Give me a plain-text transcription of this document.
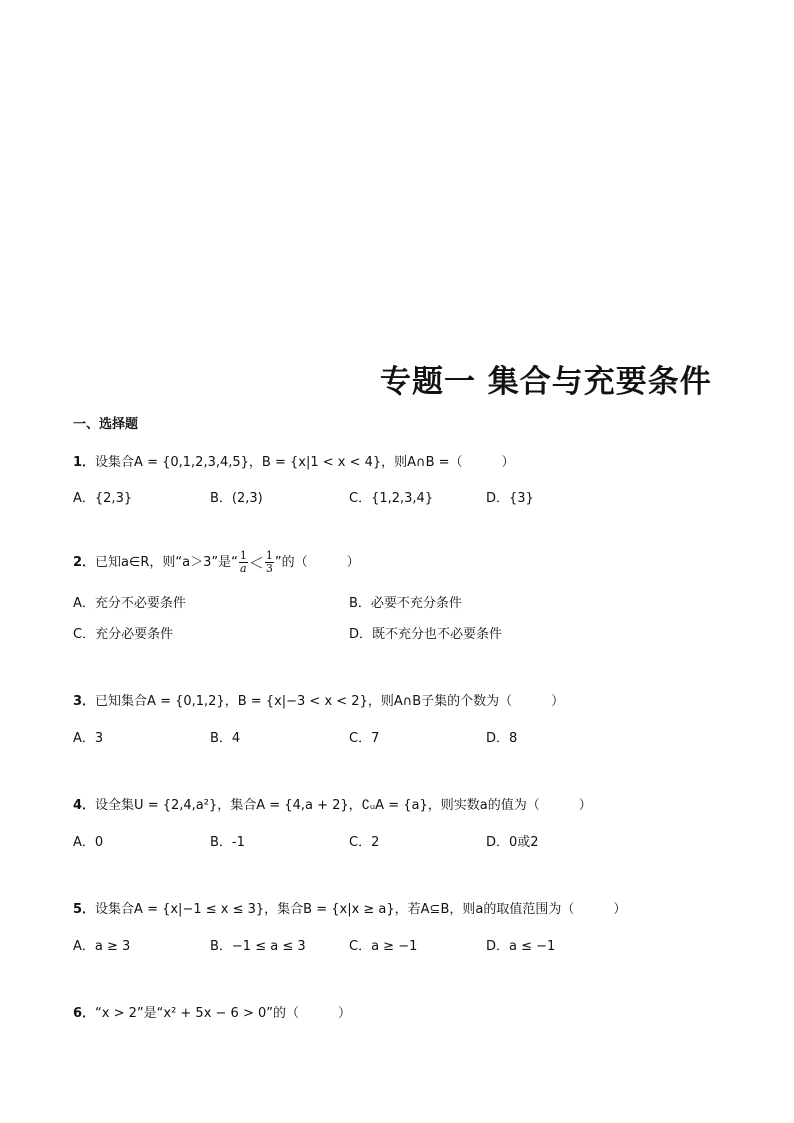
专题一 集合与充要条件
一、选择题
1．设集合A = {0,1,2,3,4,5}，B = {x|1 < x < 4}，则A∩B =（　　　）
A．{2,3}	B．(2,3)	C．{1,2,3,4}	D．{3}
2．已知a∈R，则“a＞3”是“ $\frac{1}{a} < \frac{1}{3}$ ”的（　　　）
A．充分不必要条件	B．必要不充分条件
C．充分必要条件	D．既不充分也不必要条件
3．已知集合A = {0,1,2}，B = {x|−3 < x < 2}，则A∩B子集的个数为（　　　）
A．3	B．4	C．7	D．8
4．设全集U = {2,4,a²}，集合A = {4,a + 2}，∁ᵤA = {a}，则实数a的值为（　　　）
A．0	B．-1	C．2	D．0或2
5．设集合A = {x|−1 ≤ x ≤ 3}，集合B = {x|x ≥ a}，若A⊆B，则a的取值范围为（　　　）
A．a ≥ 3	B．−1 ≤ a ≤ 3	C．a ≥ −1	D．a ≤ −1
6．“x > 2”是“x² + 5x − 6 > 0”的（　　　）
